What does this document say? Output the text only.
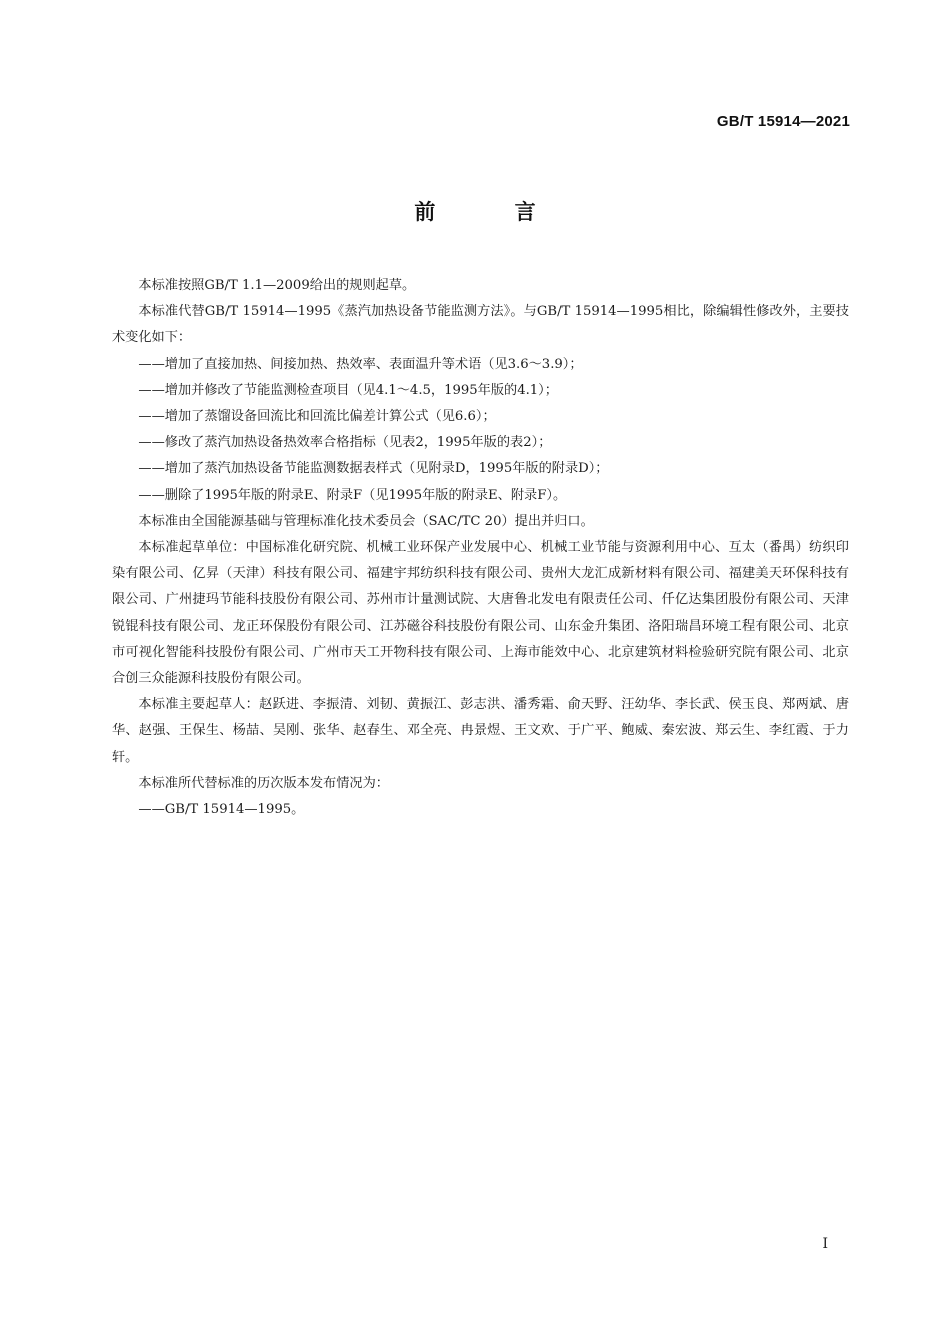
GB/T 15914—2021
前 言

本标准按照GB/T 1.1—2009给出的规则起草。

本标准代替GB/T 15914—1995《蒸汽加热设备节能监测方法》。与GB/T 15914—1995相比，除编辑性修改外，主要技术变化如下：

——增加了直接加热、间接加热、热效率、表面温升等术语（见3.6～3.9）；

——增加并修改了节能监测检查项目（见4.1～4.5，1995年版的4.1）；

——增加了蒸馏设备回流比和回流比偏差计算公式（见6.6）；

——修改了蒸汽加热设备热效率合格指标（见表2，1995年版的表2）；

——增加了蒸汽加热设备节能监测数据表样式（见附录D，1995年版的附录D）；

——删除了1995年版的附录E、附录F（见1995年版的附录E、附录F）。

本标准由全国能源基础与管理标准化技术委员会（SAC/TC 20）提出并归口。

本标准起草单位：中国标准化研究院、机械工业环保产业发展中心、机械工业节能与资源利用中心、互太（番禺）纺织印染有限公司、亿昇（天津）科技有限公司、福建宇邦纺织科技有限公司、贵州大龙汇成新材料有限公司、福建美天环保科技有限公司、广州捷玛节能科技股份有限公司、苏州市计量测试院、大唐鲁北发电有限责任公司、仟亿达集团股份有限公司、天津锐锟科技有限公司、龙正环保股份有限公司、江苏磁谷科技股份有限公司、山东金升集团、洛阳瑞昌环境工程有限公司、北京市可视化智能科技股份有限公司、广州市天工开物科技有限公司、上海市能效中心、北京建筑材料检验研究院有限公司、北京合创三众能源科技股份有限公司。

本标准主要起草人：赵跃进、李振清、刘韧、黄振江、彭志洪、潘秀霜、俞天野、汪幼华、李长武、侯玉良、郑两斌、唐华、赵强、王保生、杨喆、吴刚、张华、赵春生、邓全亮、冉景煜、王文欢、于广平、鲍威、秦宏波、郑云生、李红霞、于力轩。

本标准所代替标准的历次版本发布情况为：

——GB/T 15914—1995。

I
